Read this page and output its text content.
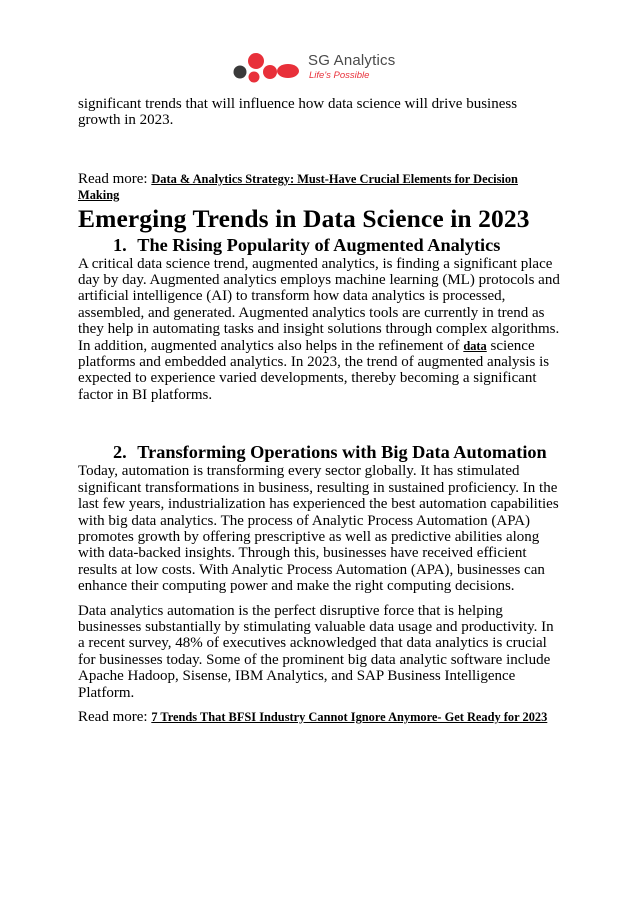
SG Analytics
Life's Possible

significant trends that will influence how data science will drive business growth in 2023.

Read more: Data & Analytics Strategy: Must-Have Crucial Elements for Decision Making

Emerging Trends in Data Science in 2023
1. The Rising Popularity of Augmented Analytics

A critical data science trend, augmented analytics, is finding a significant place day by day. Augmented analytics employs machine learning (ML) protocols and artificial intelligence (AI) to transform how data analytics is processed, assembled, and generated. Augmented analytics tools are currently in trend as they help in automating tasks and insight solutions through complex algorithms. In addition, augmented analytics also helps in the refinement of data science platforms and embedded analytics. In 2023, the trend of augmented analysis is expected to experience varied developments, thereby becoming a significant factor in BI platforms.

2. Transforming Operations with Big Data Automation

Today, automation is transforming every sector globally. It has stimulated significant transformations in business, resulting in sustained proficiency. In the last few years, industrialization has experienced the best automation capabilities with big data analytics. The process of Analytic Process Automation (APA) promotes growth by offering prescriptive as well as predictive abilities along with data-backed insights. Through this, businesses have received efficient results at low costs. With Analytic Process Automation (APA), businesses can enhance their computing power and make the right computing decisions.

Data analytics automation is the perfect disruptive force that is helping businesses substantially by stimulating valuable data usage and productivity. In a recent survey, 48% of executives acknowledged that data analytics is crucial for businesses today. Some of the prominent big data analytic software include Apache Hadoop, Sisense, IBM Analytics, and SAP Business Intelligence Platform.

Read more: 7 Trends That BFSI Industry Cannot Ignore Anymore- Get Ready for 2023
